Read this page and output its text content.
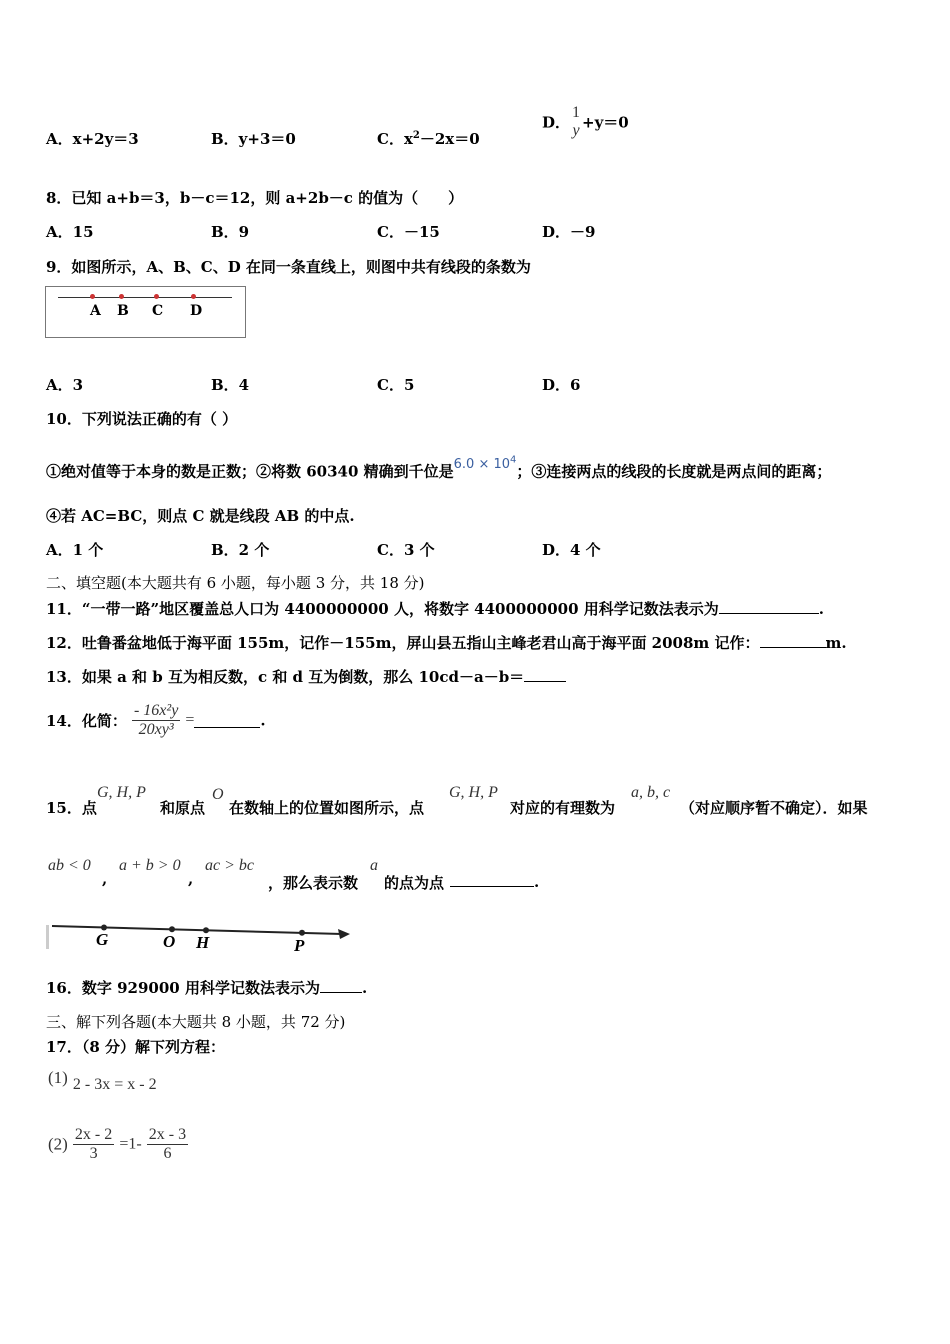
A．x+2y＝3	B．y+3＝0	C．$x^2-2x=0$
D．
1
y +y＝0
8．已知 a+b＝3，b－c＝12，则 a+2b－c 的值为（　　）
A．15	B．9	C．－15	D．－9
9．如图所示，A、B、C、D 在同一条直线上，则图中共有线段的条数为
A B C D
A．3	B．4	C．5	D．6
10．下列说法正确的有（ ）
①绝对值等于本身的数是正数；②将数 60340 精确到千位是$6.0 \times 10^4$；③连接两点的线段的长度就是两点间的距离；
④若 AC=BC，则点 C 就是线段 AB 的中点.
A．1 个	B．2 个	C．3 个	D．4 个
二、填空题(本大题共有 6 小题，每小题 3 分，共 18 分)
11．“一带一路”地区覆盖总人口为 4400000000 人，将数字 4400000000 用科学记数法表示为	.
12．吐鲁番盆地低于海平面 155m，记作－155m，屏山县五指山主峰老君山高于海平面 2008m 记作：	m.
13．如果 a 和 b 互为相反数，c 和 d 互为倒数，那么 10cd－a－b＝
14．化简： $\frac{\text{- 16x²y}}{\text{20xy³}}$ =	.
15．点
G, H, P
和原点
O
在数轴上的位置如图所示，点
G, H, P
对应的有理数为
a, b, c
（对应顺序暂不确定）．如果
ab < 0
,
a + b > 0
,
ac > bc
，那么表示数
a
的点为点	.
G	O H	P
16．数字 929000 用科学记数法表示为	.
三、解下列各题(本大题共 8 小题，共 72 分)
17．（8 分）解下列方程：
(1) 2 - 3x = x - 2
$(2) \frac{2x - 2}{3} =1- \frac{2x - 3}{6}$
